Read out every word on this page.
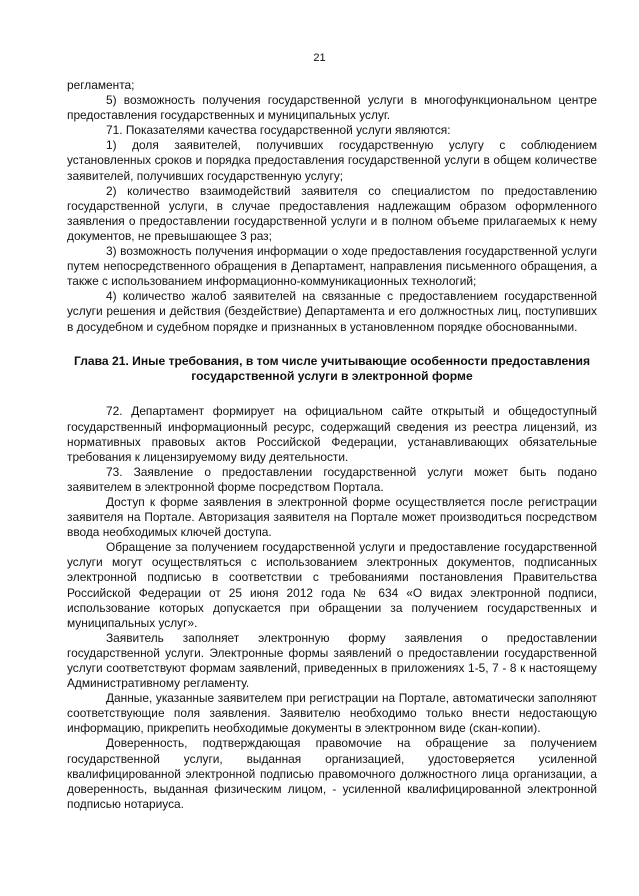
21

регламента;

5) возможность получения государственной услуги в многофункциональном центре предоставления государственных и муниципальных услуг.

71. Показателями качества государственной услуги являются:

1) доля заявителей, получивших государственную услугу с соблюдением установленных сроков и порядка предоставления государственной услуги в общем количестве заявителей, получивших государственную услугу;

2) количество взаимодействий заявителя со специалистом по предоставлению государственной услуги, в случае предоставления надлежащим образом оформленного заявления о предоставлении государственной услуги и в полном объеме прилагаемых к нему документов, не превышающее 3 раз;

3) возможность получения информации о ходе предоставления государственной услуги путем непосредственного обращения в Департамент, направления письменного обращения, а также с использованием информационно-коммуникационных технологий;

4) количество жалоб заявителей на связанные с предоставлением государственной услуги решения и действия (бездействие) Департамента и его должностных лиц, поступивших в досудебном и судебном порядке и признанных в установленном порядке обоснованными.

Глава 21. Иные требования, в том числе учитывающие особенности предоставления государственной услуги в электронной форме

72. Департамент формирует на официальном сайте открытый и общедоступный государственный информационный ресурс, содержащий сведения из реестра лицензий, из нормативных правовых актов Российской Федерации, устанавливающих обязательные требования к лицензируемому виду деятельности.

73. Заявление о предоставлении государственной услуги может быть подано заявителем в электронной форме посредством Портала.

Доступ к форме заявления в электронной форме осуществляется после регистрации заявителя на Портале. Авторизация заявителя на Портале может производиться посредством ввода необходимых ключей доступа.

Обращение за получением государственной услуги и предоставление государственной услуги могут осуществляться с использованием электронных документов, подписанных электронной подписью в соответствии с требованиями постановления Правительства Российской Федерации от 25 июня 2012 года № 634 «О видах электронной подписи, использование которых допускается при обращении за получением государственных и муниципальных услуг».

Заявитель заполняет электронную форму заявления о предоставлении государственной услуги. Электронные формы заявлений о предоставлении государственной услуги соответствуют формам заявлений, приведенных в приложениях 1-5, 7 - 8 к настоящему Административному регламенту.

Данные, указанные заявителем при регистрации на Портале, автоматически заполняют соответствующие поля заявления. Заявителю необходимо только внести недостающую информацию, прикрепить необходимые документы в электронном виде (скан-копии).

Доверенность, подтверждающая правомочие на обращение за получением государственной услуги, выданная организацией, удостоверяется усиленной квалифицированной электронной подписью правомочного должностного лица организации, а доверенность, выданная физическим лицом, - усиленной квалифицированной электронной подписью нотариуса.
